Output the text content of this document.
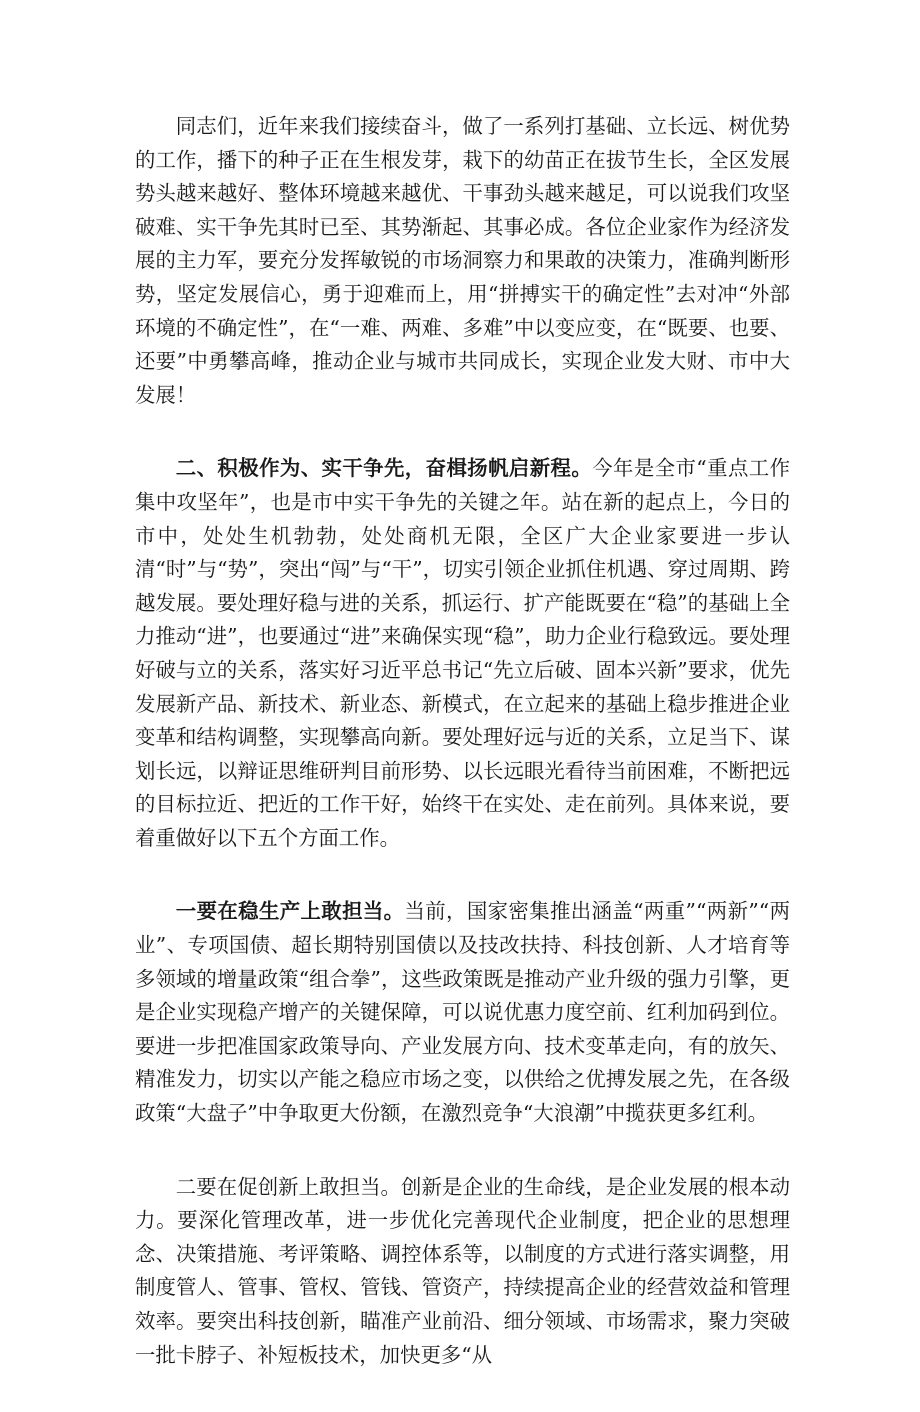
同志们，近年来我们接续奋斗，做了一系列打基础、立长远、树优势的工作，播下的种子正在生根发芽，栽下的幼苗正在拔节生长，全区发展势头越来越好、整体环境越来越优、干事劲头越来越足，可以说我们攻坚破难、实干争先其时已至、其势渐起、其事必成。各位企业家作为经济发展的主力军，要充分发挥敏锐的市场洞察力和果敢的决策力，准确判断形势，坚定发展信心，勇于迎难而上，用“拼搏实干的确定性”去对冲“外部环境的不确定性”，在“一难、两难、多难”中以变应变，在“既要、也要、还要”中勇攀高峰，推动企业与城市共同成长，实现企业发大财、市中大发展！

二、积极作为、实干争先，奋楫扬帆启新程。今年是全市“重点工作集中攻坚年”，也是市中实干争先的关键之年。站在新的起点上，今日的市中，处处生机勃勃，处处商机无限，全区广大企业家要进一步认清“时”与“势”，突出“闯”与“干”，切实引领企业抓住机遇、穿过周期、跨越发展。要处理好稳与进的关系，抓运行、扩产能既要在“稳”的基础上全力推动“进”，也要通过“进”来确保实现“稳”，助力企业行稳致远。要处理好破与立的关系，落实好习近平总书记“先立后破、固本兴新”要求，优先发展新产品、新技术、新业态、新模式，在立起来的基础上稳步推进企业变革和结构调整，实现攀高向新。要处理好远与近的关系，立足当下、谋划长远，以辩证思维研判目前形势、以长远眼光看待当前困难，不断把远的目标拉近、把近的工作干好，始终干在实处、走在前列。具体来说，要着重做好以下五个方面工作。

一要在稳生产上敢担当。当前，国家密集推出涵盖“两重”“两新”“两业”、专项国债、超长期特别国债以及技改扶持、科技创新、人才培育等多领域的增量政策“组合拳”，这些政策既是推动产业升级的强力引擎，更是企业实现稳产增产的关键保障，可以说优惠力度空前、红利加码到位。要进一步把准国家政策导向、产业发展方向、技术变革走向，有的放矢、精准发力，切实以产能之稳应市场之变，以供给之优搏发展之先，在各级政策“大盘子”中争取更大份额，在激烈竞争“大浪潮”中揽获更多红利。

二要在促创新上敢担当。创新是企业的生命线，是企业发展的根本动力。要深化管理改革，进一步优化完善现代企业制度，把企业的思想理念、决策措施、考评策略、调控体系等，以制度的方式进行落实调整，用制度管人、管事、管权、管钱、管资产，持续提高企业的经营效益和管理效率。要突出科技创新，瞄准产业前沿、细分领域、市场需求，聚力突破一批卡脖子、补短板技术，加快更多“从
